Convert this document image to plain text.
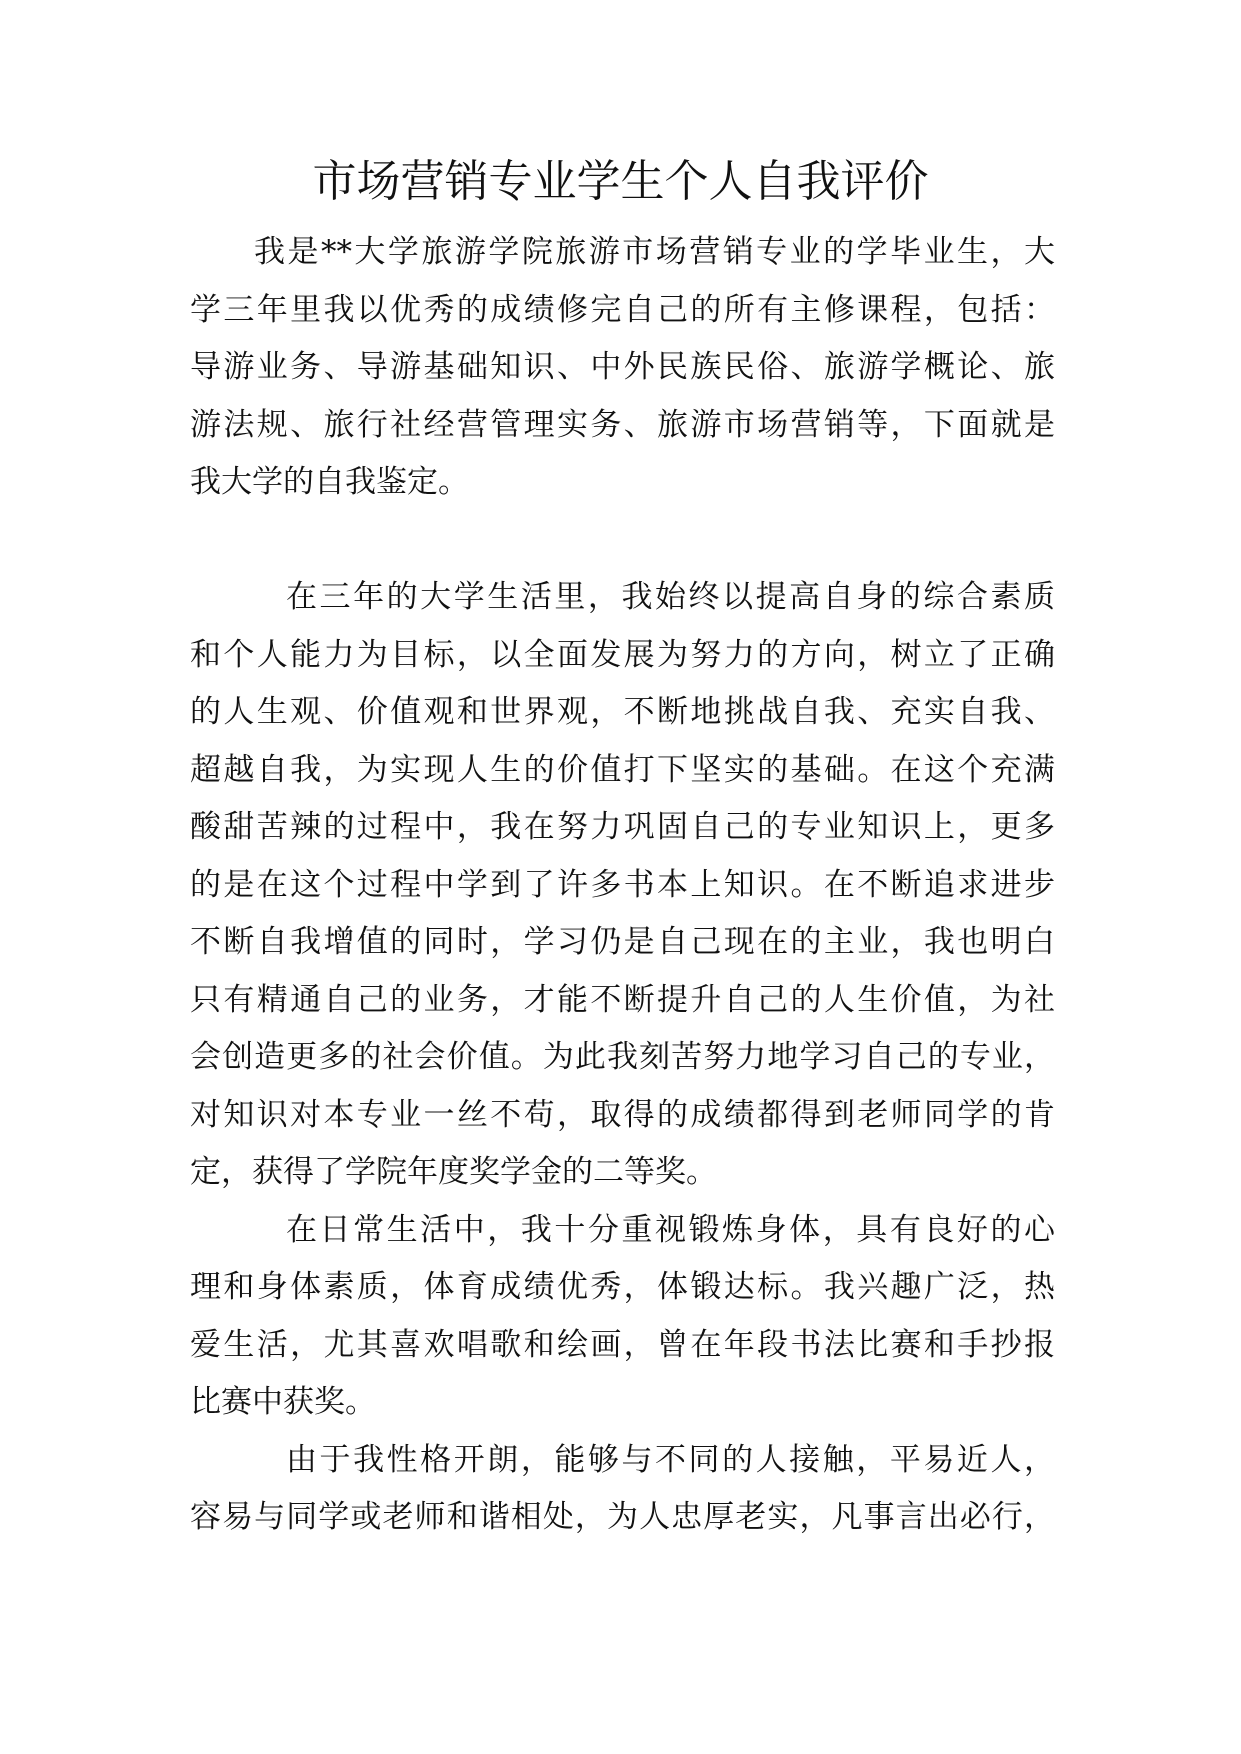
市场营销专业学生个人自我评价
我是**大学旅游学院旅游市场营销专业的学毕业生，大
学三年里我以优秀的成绩修完自己的所有主修课程，包括：
导游业务、导游基础知识、中外民族民俗、旅游学概论、旅
游法规、旅行社经营管理实务、旅游市场营销等，下面就是
我大学的自我鉴定。
在三年的大学生活里，我始终以提高自身的综合素质
和个人能力为目标，以全面发展为努力的方向，树立了正确
的人生观、价值观和世界观，不断地挑战自我、充实自我、
超越自我，为实现人生的价值打下坚实的基础。在这个充满
酸甜苦辣的过程中，我在努力巩固自己的专业知识上，更多
的是在这个过程中学到了许多书本上知识。在不断追求进步
不断自我增值的同时，学习仍是自己现在的主业，我也明白
只有精通自己的业务，才能不断提升自己的人生价值，为社
会创造更多的社会价值。为此我刻苦努力地学习自己的专业，
对知识对本专业一丝不苟，取得的成绩都得到老师同学的肯
定，获得了学院年度奖学金的二等奖。
在日常生活中，我十分重视锻炼身体，具有良好的心
理和身体素质，体育成绩优秀，体锻达标。我兴趣广泛，热
爱生活，尤其喜欢唱歌和绘画，曾在年段书法比赛和手抄报
比赛中获奖。
由于我性格开朗，能够与不同的人接触，平易近人，
容易与同学或老师和谐相处，为人忠厚老实，凡事言出必行，
